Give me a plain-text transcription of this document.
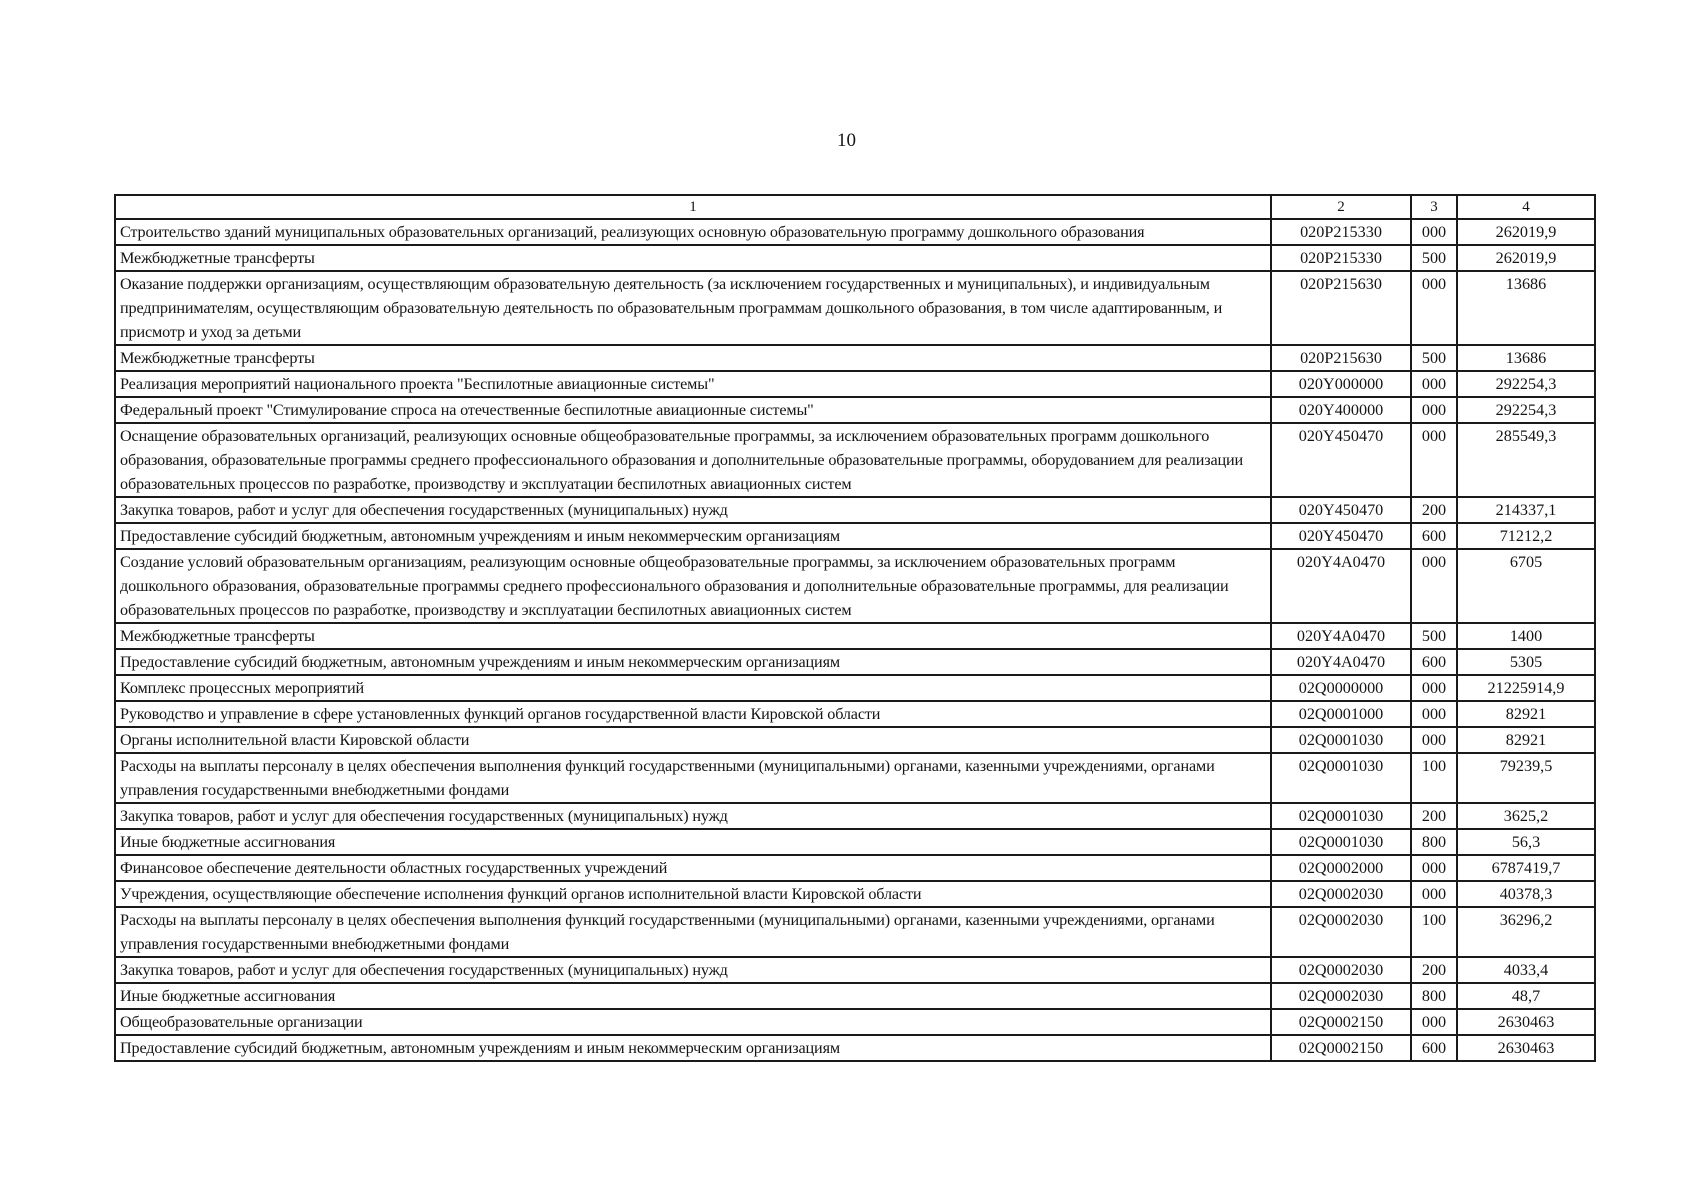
10
1	2	3	4
Строительство зданий муниципальных образовательных организаций, реализующих основную образовательную программу дошкольного образования	020P215330	000	262019,9
Межбюджетные трансферты	020P215330	500	262019,9
Оказание поддержки организациям, осуществляющим образовательную деятельность (за исключением государственных и муниципальных), и индивидуальным предпринимателям, осуществляющим образовательную деятельность по образовательным программам дошкольного образования, в том числе адаптированным, и присмотр и уход за детьми	020P215630	000	13686
Межбюджетные трансферты	020P215630	500	13686
Реализация мероприятий национального проекта "Беспилотные авиационные системы"	020Y000000	000	292254,3
Федеральный проект "Стимулирование спроса на отечественные беспилотные авиационные системы"	020Y400000	000	292254,3
Оснащение образовательных организаций, реализующих основные общеобразовательные программы, за исключением образовательных программ дошкольного образования, образовательные программы среднего профессионального образования и дополнительные образовательные программы, оборудованием для реализации образовательных процессов по разработке, производству и эксплуатации беспилотных авиационных систем	020Y450470	000	285549,3
Закупка товаров, работ и услуг для обеспечения государственных (муниципальных) нужд	020Y450470	200	214337,1
Предоставление субсидий бюджетным, автономным учреждениям и иным некоммерческим организациям	020Y450470	600	71212,2
Создание условий образовательным организациям, реализующим основные общеобразовательные программы, за исключением образовательных программ дошкольного образования, образовательные программы среднего профессионального образования и дополнительные образовательные программы, для реализации образовательных процессов по разработке, производству и эксплуатации беспилотных авиационных систем	020Y4A0470	000	6705
Межбюджетные трансферты	020Y4A0470	500	1400
Предоставление субсидий бюджетным, автономным учреждениям и иным некоммерческим организациям	020Y4A0470	600	5305
Комплекс процессных мероприятий	02Q0000000	000	21225914,9
Руководство и управление в сфере установленных функций органов государственной власти Кировской области	02Q0001000	000	82921
Органы исполнительной власти Кировской области	02Q0001030	000	82921
Расходы на выплаты персоналу в целях обеспечения выполнения функций государственными (муниципальными) органами, казенными учреждениями, органами управления государственными внебюджетными фондами	02Q0001030	100	79239,5
Закупка товаров, работ и услуг для обеспечения государственных (муниципальных) нужд	02Q0001030	200	3625,2
Иные бюджетные ассигнования	02Q0001030	800	56,3
Финансовое обеспечение деятельности областных государственных учреждений	02Q0002000	000	6787419,7
Учреждения, осуществляющие обеспечение исполнения функций органов исполнительной власти Кировской области	02Q0002030	000	40378,3
Расходы на выплаты персоналу в целях обеспечения выполнения функций государственными (муниципальными) органами, казенными учреждениями, органами управления государственными внебюджетными фондами	02Q0002030	100	36296,2
Закупка товаров, работ и услуг для обеспечения государственных (муниципальных) нужд	02Q0002030	200	4033,4
Иные бюджетные ассигнования	02Q0002030	800	48,7
Общеобразовательные организации	02Q0002150	000	2630463
Предоставление субсидий бюджетным, автономным учреждениям и иным некоммерческим организациям	02Q0002150	600	2630463
